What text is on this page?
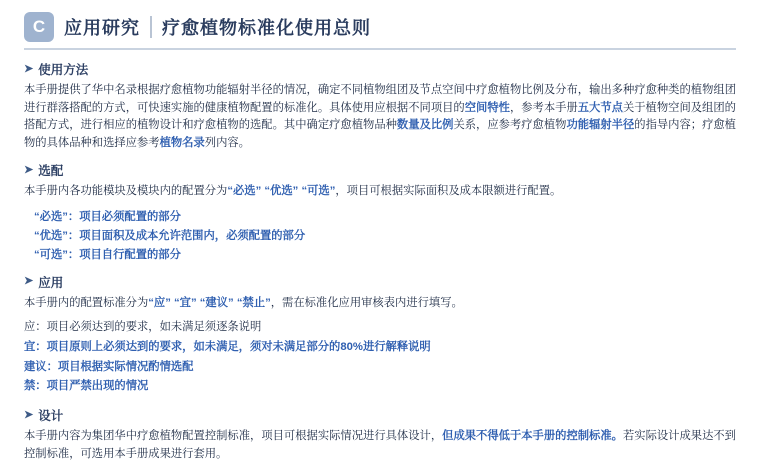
C	应用研究 疗愈植物标准化使用总则
➤ 使用方法

本手册提供了华中名录根据疗愈植物功能辐射半径的情况，确定不同植物组团及节点空间中疗愈植物比例及分布，输出多种疗愈种类的植物组团进行群落搭配的方式，可快速实施的健康植物配置的标准化。具体使用应根据不同项目的空间特性，参考本手册五大节点关于植物空间及组团的搭配方式，进行相应的植物设计和疗愈植物的选配。其中确定疗愈植物品种数量及比例关系，应参考疗愈植物功能辐射半径的指导内容；疗愈植物的具体品种和选择应参考植物名录列内容。

➤ 选配

本手册内各功能模块及模块内的配置分为“必选” “优选” “可选”，项目可根据实际面积及成本限额进行配置。

“必选”：项目必须配置的部分
“优选”：项目面积及成本允许范围内，必须配置的部分
“可选”：项目自行配置的部分
➤ 应用

本手册内的配置标准分为“应” “宜” “建议” “禁止”，需在标准化应用审核表内进行填写。

应：项目必须达到的要求，如未满足须逐条说明
宜：项目原则上必须达到的要求，如未满足，须对未满足部分的80%进行解释说明
建议：项目根据实际情况酌情选配
禁：项目严禁出现的情况
➤ 设计

本手册内容为集团华中疗愈植物配置控制标准，项目可根据实际情况进行具体设计，但成果不得低于本手册的控制标准。若实际设计成果达不到控制标准，可选用本手册成果进行套用。
